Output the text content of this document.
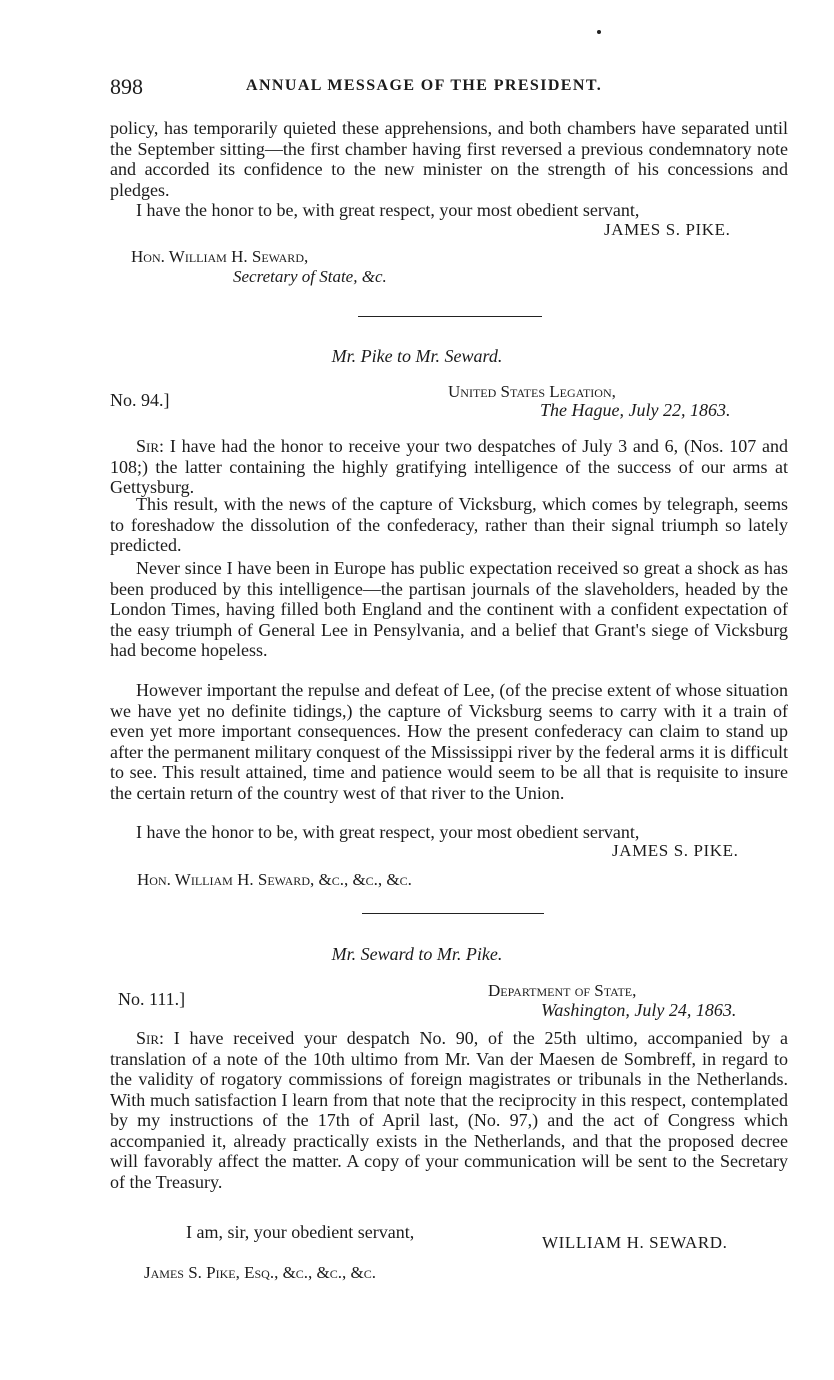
898	ANNUAL MESSAGE OF THE PRESIDENT.

policy, has temporarily quieted these apprehensions, and both chambers have separated until the September sitting—the first chamber having first reversed a previous condemnatory note and accorded its confidence to the new minister on the strength of his concessions and pledges.

I have the honor to be, with great respect, your most obedient servant,

JAMES S. PIKE.
Hon. William H. Seward,
Secretary of State, &c.
Mr. Pike to Mr. Seward.
No. 94.]	United States Legation,
The Hague, July 22, 1863.

Sir: I have had the honor to receive your two despatches of July 3 and 6, (Nos. 107 and 108;) the latter containing the highly gratifying intelligence of the success of our arms at Gettysburg.

This result, with the news of the capture of Vicksburg, which comes by telegraph, seems to foreshadow the dissolution of the confederacy, rather than their signal triumph so lately predicted.

Never since I have been in Europe has public expectation received so great a shock as has been produced by this intelligence—the partisan journals of the slaveholders, headed by the London Times, having filled both England and the continent with a confident expectation of the easy triumph of General Lee in Pensylvania, and a belief that Grant's siege of Vicksburg had become hopeless.

However important the repulse and defeat of Lee, (of the precise extent of whose situation we have yet no definite tidings,) the capture of Vicksburg seems to carry with it a train of even yet more important consequences. How the present confederacy can claim to stand up after the permanent military conquest of the Mississippi river by the federal arms it is difficult to see. This result attained, time and patience would seem to be all that is requisite to insure the certain return of the country west of that river to the Union.

I have the honor to be, with great respect, your most obedient servant,

JAMES S. PIKE.
Hon. William H. Seward, &c., &c., &c.
Mr. Seward to Mr. Pike.
No. 111.]	Department of State,
Washington, July 24, 1863.

Sir: I have received your despatch No. 90, of the 25th ultimo, accompanied by a translation of a note of the 10th ultimo from Mr. Van der Maesen de Sombreff, in regard to the validity of rogatory commissions of foreign magistrates or tribunals in the Netherlands. With much satisfaction I learn from that note that the reciprocity in this respect, contemplated by my instructions of the 17th of April last, (No. 97,) and the act of Congress which accompanied it, already practically exists in the Netherlands, and that the proposed decree will favorably affect the matter. A copy of your communication will be sent to the Secretary of the Treasury.

I am, sir, your obedient servant,
WILLIAM H. SEWARD.
James S. Pike, Esq., &c., &c., &c.
